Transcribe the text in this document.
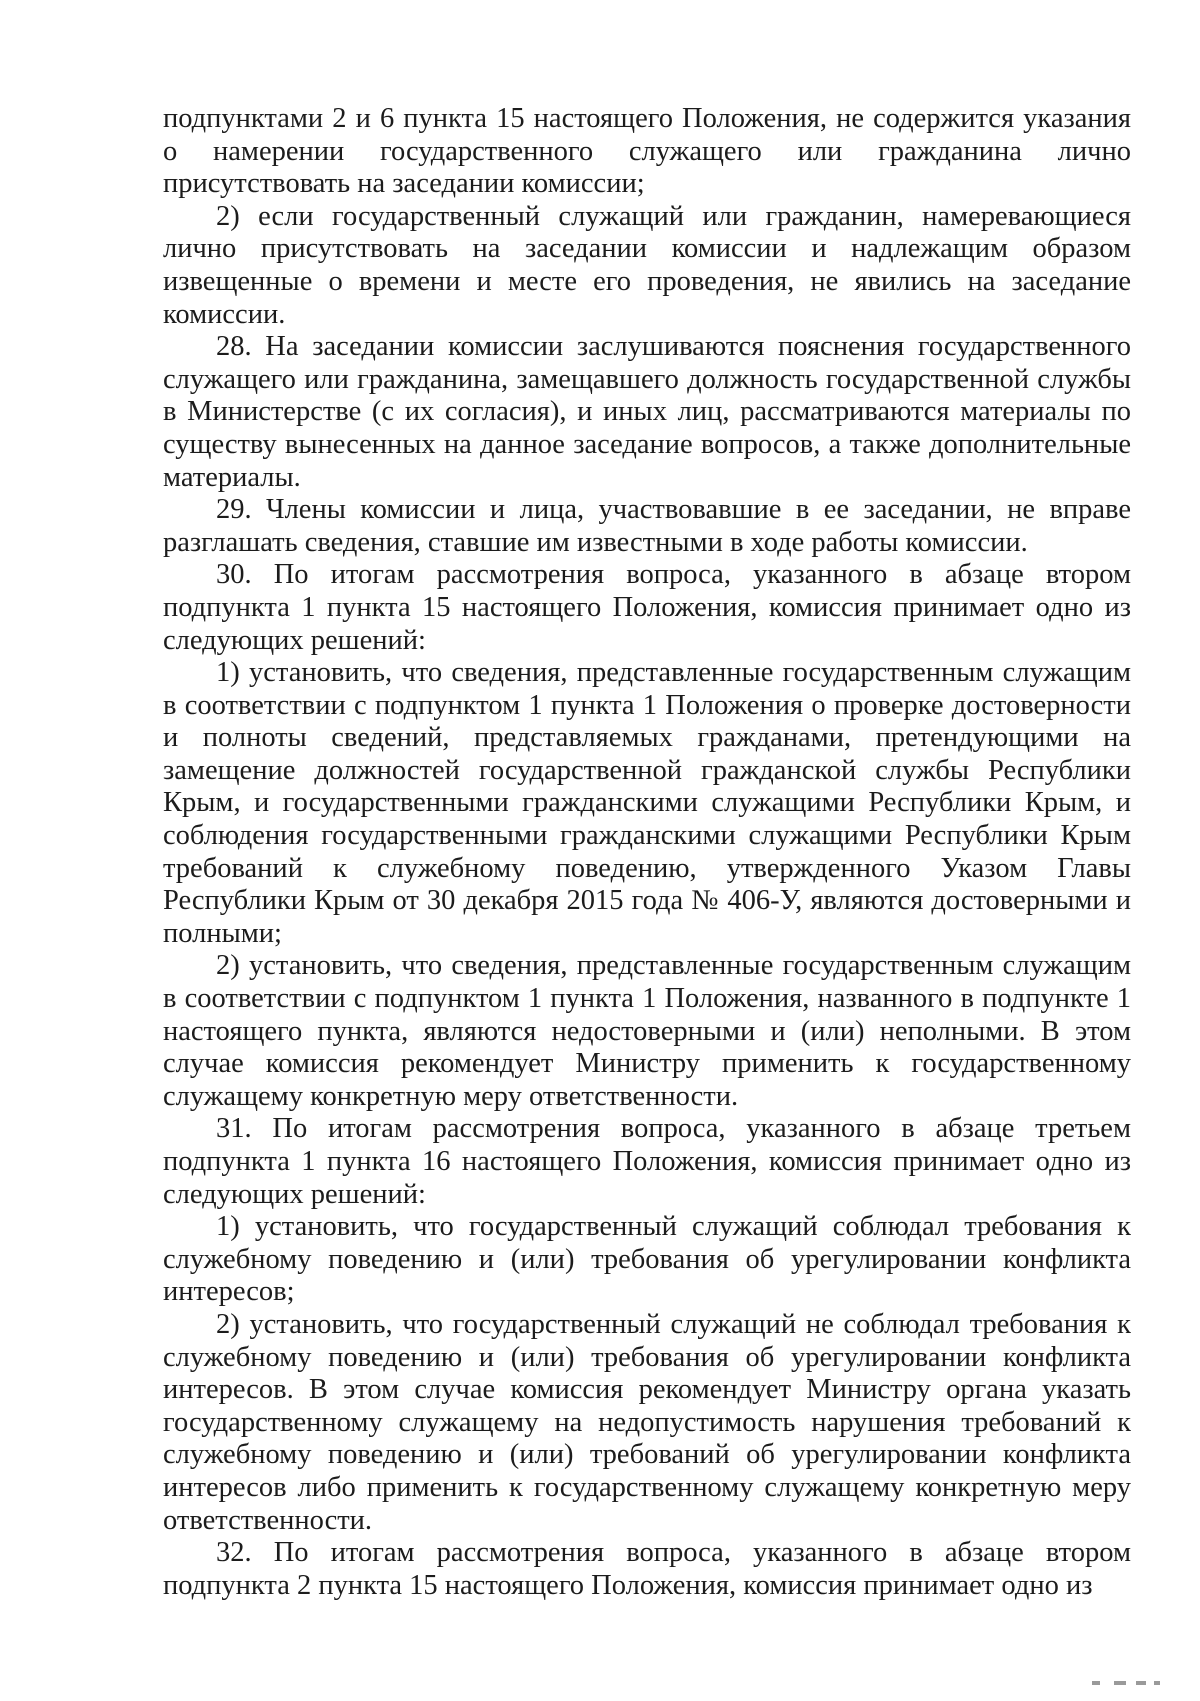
подпунктами 2 и 6 пункта 15 настоящего Положения, не содержится указания о намерении государственного служащего или гражданина лично присутствовать на заседании комиссии;

2) если государственный служащий или гражданин, намеревающиеся лично присутствовать на заседании комиссии и надлежащим образом извещенные о времени и месте его проведения, не явились на заседание комиссии.

28. На заседании комиссии заслушиваются пояснения государственного служащего или гражданина, замещавшего должность государственной службы в Министерстве (с их согласия), и иных лиц, рассматриваются материалы по существу вынесенных на данное заседание вопросов, а также дополнительные материалы.

29. Члены комиссии и лица, участвовавшие в ее заседании, не вправе разглашать сведения, ставшие им известными в ходе работы комиссии.

30. По итогам рассмотрения вопроса, указанного в абзаце втором подпункта 1 пункта 15 настоящего Положения, комиссия принимает одно из следующих решений:

1) установить, что сведения, представленные государственным служащим в соответствии с подпунктом 1 пункта 1 Положения о проверке достоверности и полноты сведений, представляемых гражданами, претендующими на замещение должностей государственной гражданской службы Республики Крым, и государственными гражданскими служащими Республики Крым, и соблюдения государственными гражданскими служащими Республики Крым требований к служебному поведению, утвержденного Указом Главы Республики Крым от 30 декабря 2015 года № 406-У, являются достоверными и полными;

2) установить, что сведения, представленные государственным служащим в соответствии с подпунктом 1 пункта 1 Положения, названного в подпункте 1 настоящего пункта, являются недостоверными и (или) неполными. В этом случае комиссия рекомендует Министру применить к государственному служащему конкретную меру ответственности.

31. По итогам рассмотрения вопроса, указанного в абзаце третьем подпункта 1 пункта 16 настоящего Положения, комиссия принимает одно из следующих решений:

1) установить, что государственный служащий соблюдал требования к служебному поведению и (или) требования об урегулировании конфликта интересов;

2) установить, что государственный служащий не соблюдал требования к служебному поведению и (или) требования об урегулировании конфликта интересов. В этом случае комиссия рекомендует Министру органа указать государственному служащему на недопустимость нарушения требований к служебному поведению и (или) требований об урегулировании конфликта интересов либо применить к государственному служащему конкретную меру ответственности.

32. По итогам рассмотрения вопроса, указанного в абзаце втором подпункта 2 пункта 15 настоящего Положения, комиссия принимает одно из
